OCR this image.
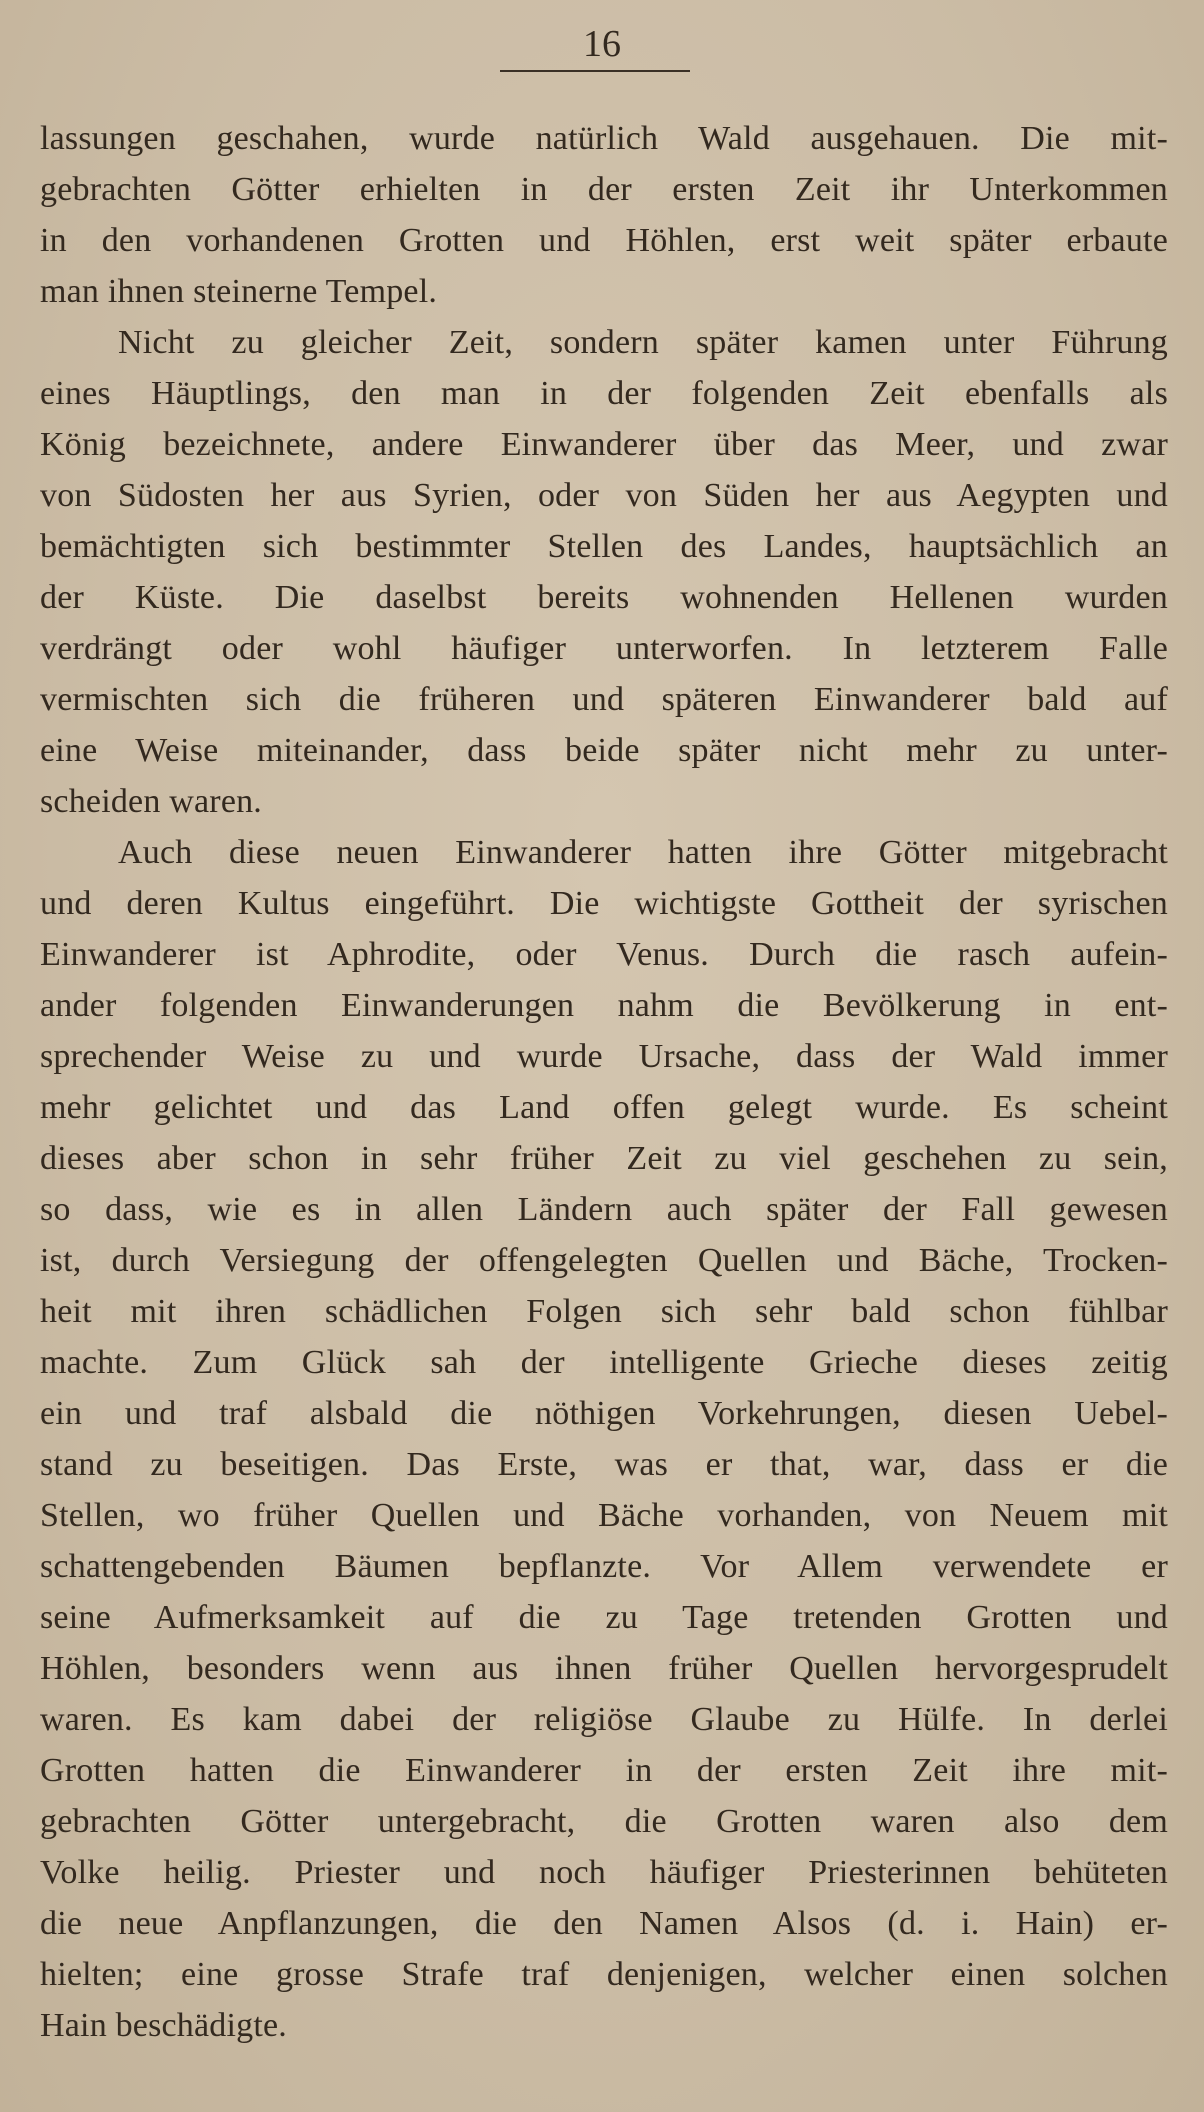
16
lassungen geschahen, wurde natürlich Wald ausgehauen. Die mit-
gebrachten Götter erhielten in der ersten Zeit ihr Unterkommen
in den vorhandenen Grotten und Höhlen, erst weit später erbaute
man ihnen steinerne Tempel.
Nicht zu gleicher Zeit, sondern später kamen unter Führung
eines Häuptlings, den man in der folgenden Zeit ebenfalls als
König bezeichnete, andere Einwanderer über das Meer, und zwar
von Südosten her aus Syrien, oder von Süden her aus Aegypten und
bemächtigten sich bestimmter Stellen des Landes, hauptsächlich an
der Küste. Die daselbst bereits wohnenden Hellenen wurden
verdrängt oder wohl häufiger unterworfen. In letzterem Falle
vermischten sich die früheren und späteren Einwanderer bald auf
eine Weise miteinander, dass beide später nicht mehr zu unter-
scheiden waren.
Auch diese neuen Einwanderer hatten ihre Götter mitgebracht
und deren Kultus eingeführt. Die wichtigste Gottheit der syrischen
Einwanderer ist Aphrodite, oder Venus. Durch die rasch aufein-
ander folgenden Einwanderungen nahm die Bevölkerung in ent-
sprechender Weise zu und wurde Ursache, dass der Wald immer
mehr gelichtet und das Land offen gelegt wurde. Es scheint
dieses aber schon in sehr früher Zeit zu viel geschehen zu sein,
so dass, wie es in allen Ländern auch später der Fall gewesen
ist, durch Versiegung der offengelegten Quellen und Bäche, Trocken-
heit mit ihren schädlichen Folgen sich sehr bald schon fühlbar
machte. Zum Glück sah der intelligente Grieche dieses zeitig
ein und traf alsbald die nöthigen Vorkehrungen, diesen Uebel-
stand zu beseitigen. Das Erste, was er that, war, dass er die
Stellen, wo früher Quellen und Bäche vorhanden, von Neuem mit
schattengebenden Bäumen bepflanzte. Vor Allem verwendete er
seine Aufmerksamkeit auf die zu Tage tretenden Grotten und
Höhlen, besonders wenn aus ihnen früher Quellen hervorgesprudelt
waren. Es kam dabei der religiöse Glaube zu Hülfe. In derlei
Grotten hatten die Einwanderer in der ersten Zeit ihre mit-
gebrachten Götter untergebracht, die Grotten waren also dem
Volke heilig. Priester und noch häufiger Priesterinnen behüteten
die neue Anpflanzungen, die den Namen Alsos (d. i. Hain) er-
hielten; eine grosse Strafe traf denjenigen, welcher einen solchen
Hain beschädigte.
